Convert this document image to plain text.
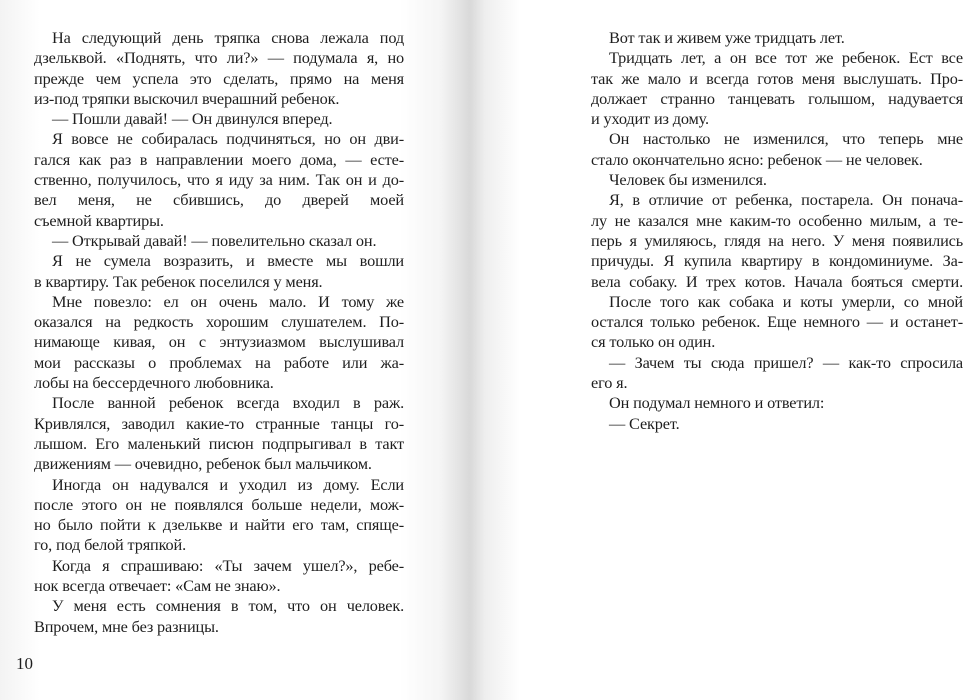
На следующий день тряпка снова лежала под
дзельквой. «Поднять, что ли?» — подумала я, но
прежде чем успела это сделать, прямо на меня
из-под тряпки выскочил вчерашний ребенок.
— Пошли давай! — Он двинулся вперед.
Я вовсе не собиралась подчиняться, но он дви-
гался как раз в направлении моего дома, — есте-
ственно, получилось, что я иду за ним. Так он и до-
вел меня, не сбившись, до дверей моей
съемной квартиры.
— Открывай давай! — повелительно сказал он.
Я не сумела возразить, и вместе мы вошли
в квартиру. Так ребенок поселился у меня.
Мне повезло: ел он очень мало. И тому же
оказался на редкость хорошим слушателем. По-
нимающе кивая, он с энтузиазмом выслушивал
мои рассказы о проблемах на работе или жа-
лобы на бессердечного любовника.
После ванной ребенок всегда входил в раж.
Кривлялся, заводил какие-то странные танцы го-
лышом. Его маленький писюн подпрыгивал в такт
движениям — очевидно, ребенок был мальчиком.
Иногда он надувался и уходил из дому. Если
после этого он не появлялся больше недели, мож-
но было пойти к дзелькве и найти его там, спяще-
го, под белой тряпкой.
Когда я спрашиваю: «Ты зачем ушел?», ребе-
нок всегда отвечает: «Сам не знаю».
У меня есть сомнения в том, что он человек.
Впрочем, мне без разницы.
Вот так и живем уже тридцать лет.
Тридцать лет, а он все тот же ребенок. Ест все
так же мало и всегда готов меня выслушать. Про-
должает странно танцевать голышом, надувается
и уходит из дому.
Он настолько не изменился, что теперь мне
стало окончательно ясно: ребенок — не человек.
Человек бы изменился.
Я, в отличие от ребенка, постарела. Он понача-
лу не казался мне каким-то особенно милым, а те-
перь я умиляюсь, глядя на него. У меня появились
причуды. Я купила квартиру в кондоминиуме. За-
вела собаку. И трех котов. Начала бояться смерти.
После того как собака и коты умерли, со мной
остался только ребенок. Еще немного — и останет-
ся только он один.
— Зачем ты сюда пришел? — как-то спросила
его я.
Он подумал немного и ответил:
— Секрет.
10
